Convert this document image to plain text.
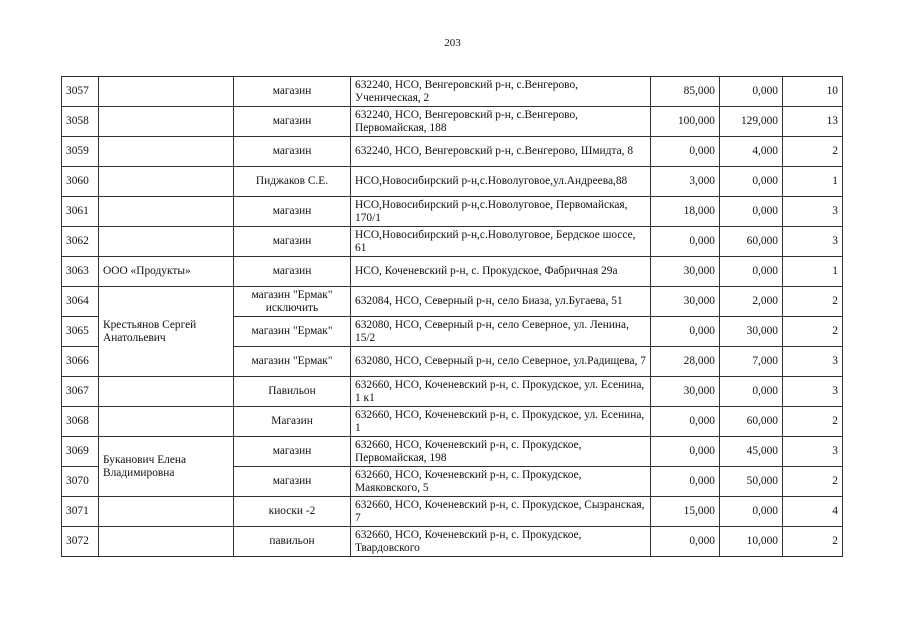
203
3057		магазин	632240, НСО, Венгеровский р-н, с.Венгерово, Ученическая, 2	85,000	0,000	10
3058		магазин	632240, НСО, Венгеровский р-н, с.Венгерово, Первомайская, 188	100,000	129,000	13
3059		магазин	632240, НСО, Венгеровский р-н, с.Венгерово, Шмидта, 8	0,000	4,000	2
3060		Пиджаков С.Е.	НСО,Новосибирский р-н,с.Новолуговое,ул.Андреева,88	3,000	0,000	1
3061		магазин	НСО,Новосибирский р-н,с.Новолуговое, Первомайская, 170/1	18,000	0,000	3
3062		магазин	НСО,Новосибирский р-н,с.Новолуговое, Бердское шоссе, 61	0,000	60,000	3
3063	ООО «Продукты»	магазин	НСО, Коченевский р-н, с. Прокудское, Фабричная 29а	30,000	0,000	1
3064	Крестьянов Сергей Анатольевич	магазин "Ермак" исключить	632084, НСО, Северный р-н, село Биаза, ул.Бугаева, 51	30,000	2,000	2
3065		магазин "Ермак"	632080, НСО, Северный р-н, село Северное, ул. Ленина, 15/2	0,000	30,000	2
3066		магазин "Ермак"	632080, НСО, Северный р-н, село Северное, ул.Радищева, 7	28,000	7,000	3
3067		Павильон	632660, НСО, Коченевский р-н, с. Прокудское, ул. Есенина, 1 к1	30,000	0,000	3
3068		Магазин	632660, НСО, Коченевский р-н, с. Прокудское, ул. Есенина, 1	0,000	60,000	2
3069	Буканович Елена Владимировна	магазин	632660, НСО, Коченевский р-н, с. Прокудское, Первомайская, 198	0,000	45,000	3
3070		магазин	632660, НСО, Коченевский р-н, с. Прокудское, Маяковского, 5	0,000	50,000	2
3071		киоски -2	632660, НСО, Коченевский р-н, с. Прокудское, Сызранская, 7	15,000	0,000	4
3072		павильон	632660, НСО, Коченевский р-н, с. Прокудское, Твардовского	0,000	10,000	2
